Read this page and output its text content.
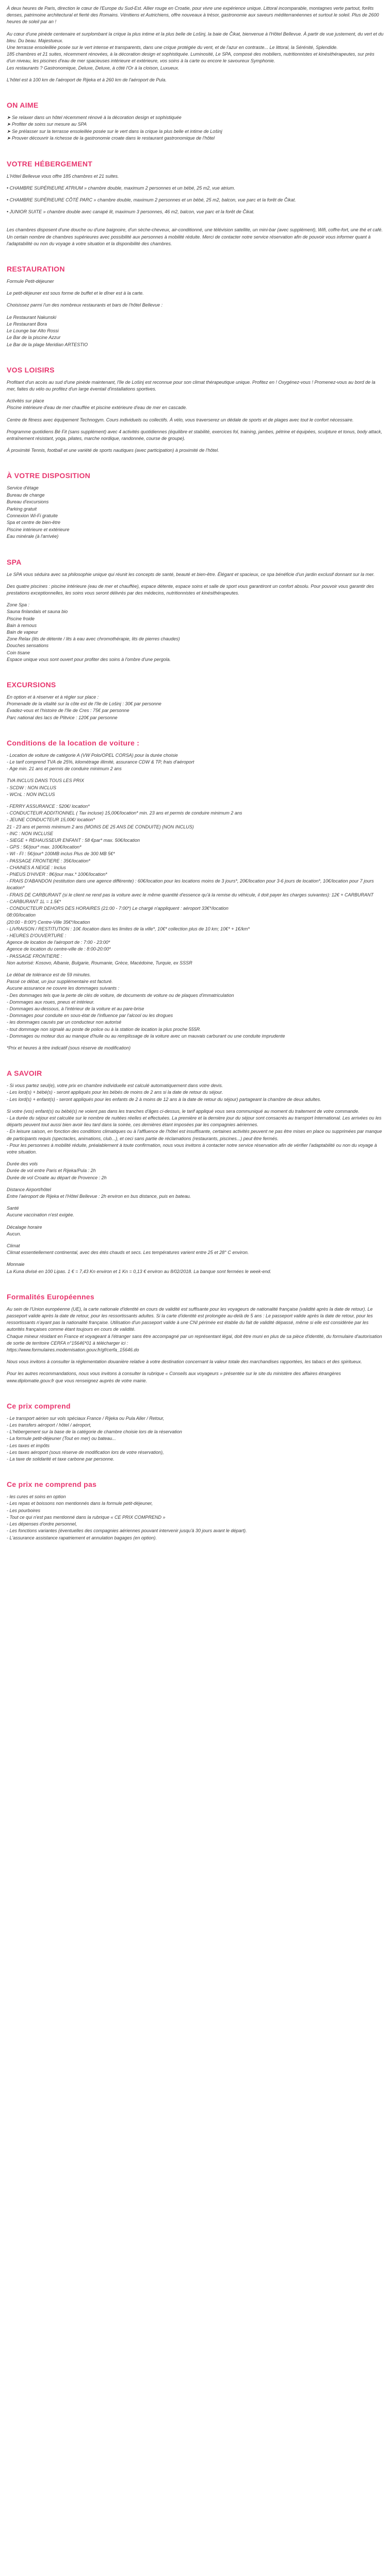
À deux heures de Paris, direction le cœur de l'Europe du Sud-Est. Allier rouge en Croatie, pour vivre une expérience unique. Littoral incomparable, montagnes verte partout, forêts denses, patrimoine architectural et fierté des Romains. Vénitiens et Autrichiens, offre nouveaux à trésor, gastronomie aux saveurs méditerranéennes et surtout le soleil. Plus de 2600 heures de soleil par an !

Au cœur d'une pinède centenaire et surplombant la crique la plus intime et la plus belle de Lošinj, la baie de Čikat, bienvenue à l'Hôtel Bellevue. À partir de vue justement, du vert et du bleu. Du beau. Majestueux.
Une terrasse ensoleillée posée sur le vert intense et transparents, dans une crique protégée du vent, et de l'azur en contraste... Le littoral, la Sérénité, Splendide.
185 chambres et 21 suites, récemment rénovées, à la décoration design et sophistiquée. Luminosité, Le SPA, composé des mobiliers, nutritionnistes et kinésithérapeutes, sur près d'un niveau, les piscines d'eau de mer spacieuses intérieure et extérieure, vos soins à la carte ou encore le savoureux Symphonie.
Les restaurants ? Gastronomique, Deluxe, Deluxe, à côté l'Or à la cloison, Luxueux.

L'hôtel est à 100 km de l'aéroport de Rijeka et à 260 km de l'aéroport de Pula.

ON AIME
➤ Se relaxer dans un hôtel récemment rénové à la décoration design et sophistiquée
➤ Profiter de soins sur mesure au SPA
➤ Se prélasser sur la terrasse ensoleillée posée sur le vert dans la crique la plus belle et intime de Lošinj
➤ Prouver découvrir la richesse de la gastronomie croate dans le restaurant gastronomique de l'hôtel
VOTRE HÉBERGEMENT

L'Hôtel Bellevue vous offre 185 chambres et 21 suites.

• CHAMBRE SUPÉRIEURE ATRIUM » chambre double, maximum 2 personnes et un bébé, 25 m2, vue atrium.

• CHAMBRE SUPÉRIEURE CÔTÉ PARC » chambre double, maximum 2 personnes et un bébé, 25 m2, balcon, vue parc et la forêt de Čikat.

• JUNIOR SUITE » chambre double avec canapé lit, maximum 3 personnes, 46 m2, balcon, vue parc et la forêt de Čikat.

Les chambres disposent d'une douche ou d'une baignoire, d'un sèche-cheveux, air-conditionné, une télévision satellite, un mini-bar (avec supplément), Wifi, coffre-fort, une thé et café.
Un certain nombre de chambres supérieures avec possibilité aux personnes à mobilité réduite. Merci de contacter notre service réservation afin de pouvoir vous informer quant à l'adaptabilité ou non du voyage à votre situation et la disponibilité des chambres.

RESTAURATION

Formule Petit-déjeuner

Le petit-déjeuner est sous forme de buffet et le dîner est à la carte.

Choisissez parmi l'un des nombreux restaurants et bars de l'hôtel Bellevue :

Le Restaurant Nakunski
Le Restaurant Bora
Le Lounge bar Alto Rossi
Le Bar de la piscine Azzur
Le Bar de la plage Meridian ARTESTIO

VOS LOISIRS

Profitant d'un accès au sud d'une pinède maintenant, l'île de Lošinj est reconnue pour son climat thérapeutique unique. Profitez en ! Oxygénez-vous ! Promenez-vous au bord de la mer, faites du vélo ou profitez d'un large éventail d'installations sportives.

Activités sur place
Piscine intérieure d'eau de mer chauffée et piscine extérieure d'eau de mer en cascade.

Centre de fitness avec équipement Technogym. Cours individuels ou collectifs. À vélo, vous traverserez un dédale de sports et de plages avec tout le confort nécessaire.

Programme quotidiens Bé Fit (sans supplément) avec 4 activités quotidiennes (équilibre et stabilité, exercices fol, training, jambes, pétrine et équipées, sculpture et tonus, body attack, entraînement résistant, yoga, pilates, marche nordique, randonnée, course de groupe).

À proximité Tennis, football et une variété de sports nautiques (avec participation) à proximité de l'hôtel.

À VOTRE DISPOSITION
Service d'étage
Bureau de change
Bureau d'excursions
Parking gratuit
Connexion Wi-Fi gratuite
Spa et centre de bien-être
Piscine intérieure et extérieure
Eau minérale (à l'arrivée)
SPA

Le SPA vous séduira avec sa philosophie unique qui réunit les concepts de santé, beauté et bien-être. Élégant et spacieux, ce spa bénéficie d'un jardin exclusif donnant sur la mer.

Des quatre piscines : piscine intérieure (eau de mer et chauffée), espace détente, espace soins et salle de sport vous garantiront un confort absolu. Pour pouvoir vous garantir des prestations exceptionnelles, les soins vous seront délivrés par des médecins, nutritionnistes et kinésithérapeutes.

Zone Spa :
Sauna finlandais et sauna bio
Piscine froide
Bain à remous
Bain de vapeur
Zone Relax (lits de détente / lits à eau avec chromothérapie, lits de pierres chaudes)
Douches sensations
Coin tisane
Espace unique vous sont ouvert pour profiter des soins à l'ombre d'une pergola.

EXCURSIONS

En option et à réserver et à régler sur place :
Promenade de la vitalité sur la côte est de l'île de Lošinj : 30€ par personne
Évadez-vous et l'histoire de l'île de Cres : 75€ par personne
Parc national des lacs de Plitvice : 120€ par personne

Conditions de la location de voiture :

- Location de voiture de catégorie A (VW Polo/OPEL CORSA) pour la durée choisie
- Le tarif comprend TVA de 25%, kilométrage illimité, assurance CDW & TP, frais d'aéroport
- Age min. 21 ans et permis de conduire minimum 2 ans

TVA INCLUS DANS TOUS LES PRIX
- SCDW : NON INCLUS
- WCnL : NON INCLUS

- FERRY ASSURANCE : 520€/ location*
- CONDUCTEUR ADDITIONNEL ( Tax incluse) 15,00€/location* min. 23 ans et permis de conduire minimum 2 ans
- JEUNE CONDUCTEUR 15,00€/ location*
21 - 23 ans et permis minimum 2 ans (MOINS DE 25 ANS DE CONDUITE) (NON INCLUS)
- INC : NON INCLUSE
- SIEGE + REHAUSSEUR ENFANT : 58 €par* max. 50€/location
- GPS : 5€/jour* max. 100€/location*
- WI - FI : 5€/jour* 100MB inclus Plus de 300 MB 5€*
- PASSAGE FRONTIERE : 35€/location*
- CHAINES A NEIGE : Inclus
- PNEUS D'HIVER : 8€/jour max.* 100€/location*
- FRAIS D'ABANDON (restitution dans une agence différente) : 60€/location pour les locations moins de 3 jours*, 20€/location pour 3-6 jours de location*, 10€/location pour 7 jours location*
- FRAIS DE CARBURANT (si le client ne rend pas la voiture avec le même quantité d'essence qu'à la remise du véhicule, il doit payer les charges suivantes): 12€ + CARBURANT
- CARBURANT 1L = 1.5€*
- CONDUCTEUR DEHORS DES HORAIRES (21:00 - 7:00*) Le chargé n'appliquent : aéroport 33€*/location
08:00/location
(20:00 - 8:00*) Centre-Ville 35€*/location
- LIVRAISON / RESTITUTION : 10€ /location dans les limites de la ville*, 10€* collection plus de 10 km; 10€* + 1€/km*
- HEURES D'OUVERTURE :
Agence de location de l'aéroport de : 7:00 - 23:00*
Agence de location du centre-ville de : 8:00-20:00*
- PASSAGE FRONTIERE :
Non autorisé: Kosovo, Albanie, Bulgarie, Roumanie, Grèce, Macédoine, Turquie, ex SSSR

Le débat de tolérance est de 59 minutes.
Passé ce débat, un jour supplémentaire est facturé.
Aucune assurance ne couvre les dommages suivants :
- Des dommages tels que la perte de clés de voiture, de documents de voiture ou de plaques d'immatriculation
- Dommages aux roues, pneus et intérieur.
- Dommages au-dessous, à l'intérieur de la voiture et au pare-brise
- Dommages pour conduite en sous-état de l'influence par l'alcool ou les drogues
- les dommages causés par un conducteur non autorisé
- tout dommage non signalé au poste de police ou à la station de location la plus proche 555R.
- Dommages ou moteur dus au manque d'huile ou au remplissage de la voiture avec un mauvais carburant ou une conduite imprudente

*Prix et heures à titre indicatif (sous réserve de modification)

A SAVOIR

- Si vous partez seul(e), votre prix en chambre individuelle est calculé automatiquement dans votre devis.
- Les lord(s) + bébé(s) - seront appliqués pour les bébés de moins de 2 ans si la date de retour du séjour.
- Les lord(s) + enfant(s) - seront appliqués pour les enfants de 2 à moins de 12 ans à la date de retour du séjour) partageant la chambre de deux adultes.

Si votre (vos) enfant(s) ou bébé(s) ne voient pas dans les tranches d'âges ci-dessus, le tarif appliqué vous sera communiqué au moment du traitement de votre commande.
- La durée du séjour est calculée sur le nombre de nuitées réelles et effectuées. La première et la dernière jour du séjour sont consacrés au transport International. Les arrivées ou les départs peuvent tout aussi bien avoir lieu tard dans la soirée, ces dernières étant imposées par les compagnies aériennes.
- En leisure saison, en fonction des conditions climatiques ou à l'affluence de l'hôtel est insuffisante, certaines activités peuvent ne pas être mises en place ou supprimées par manque de participants requis (spectacles, animations, club...), et ceci sans partie de réclamations (restaurants, piscines...) peut être fermés.
- Pour les personnes à mobilité réduite, préalablement à toute confirmation, nous vous invitons à contacter notre service réservation afin de vérifier l'adaptabilité ou non du voyage à votre situation.

Durée des vols
Durée de vol entre Paris et Rijeka/Pula : 2h
Durée de vol Croatie au départ de Provence : 2h

Distance Airport/hôtel
Entre l'aéroport de Rijeka et l'Hôtel Bellevue : 2h environ en bus distance, puis en bateau.

Santé
Aucune vaccination n'est exigée.

Décalage horaire
Aucun.

Climat
Climat essentiellement continental, avec des étés chauds et secs. Les températures varient entre 25 et 28° C environ.

Monnaie
La Kuna divisé en 100 Lipas. 1 € = 7,43 Kn environ et 1 Kn = 0,13 € environ au 8/02/2018. La banque sont fermées le week-end.

Formalités Européennes

Au sein de l'Union européenne (UE), la carte nationale d'identité en cours de validité est suffisante pour les voyageurs de nationalité française (validité après la date de retour). Le passeport valide après la date de retour, pour les ressortissants adultes. Si la carte d'identité est prolongée au-delà de 5 ans : Le passeport valide après la date de retour, pour les ressortissants n'ayant pas la nationalité française. Utilisation d'un passeport valide à une CNI périmée est établie du fait de validité dépassé, même si elle est considérée par les autorités françaises comme étant toujours en cours de validité.
Chaque mineur résidant en France et voyageant à l'étranger sans être accompagné par un représentant légal, doit être muni en plus de sa pièce d'identité, du formulaire d'autorisation de sortie de territoire CERFA n°15646*01 à télécharger ici :
https://www.formulaires.modernisation.gouv.fr/gf/cerfa_15646.do

Nous vous invitons à consulter la réglementation douanière relative à votre destination concernant la valeur totale des marchandises rapportées, les tabacs et des spiritueux.

Pour les autres recommandations, nous vous invitons à consulter la rubrique « Conseils aux voyageurs » présentée sur le site du ministère des affaires étrangères www.diplomatie.gouv.fr que vous renseignez auprès de votre mairie.

Ce prix comprend

- Le transport aérien sur vols spéciaux France / Rijeka ou Pula Aller / Retour,
- Les transfers aéroport / hôtel / aéroport,
- L'hébergement sur la base de la catégorie de chambre choisie lors de la réservation
- La formule petit-déjeuner (Tout en mer) ou bateau...
- Les taxes et impôts
- Les taxes aéroport (sous réserve de modification lors de votre réservation),
- La taxe de solidarité et taxe carbone par personne.

Ce prix ne comprend pas

- les cures et soins en option
- Les repas et boissons non mentionnés dans la formule petit-déjeuner,
- Les pourboires
- Tout ce qui n'est pas mentionné dans la rubrique « CE PRIX COMPREND »
- Les dépenses d'ordre personnel,
- Les fonctions variantes (éventuelles des compagnies aériennes pouvant intervenir jusqu'à 30 jours avant le départ).
- L'assurance assistance rapatriement et annulation bagages (en option).
